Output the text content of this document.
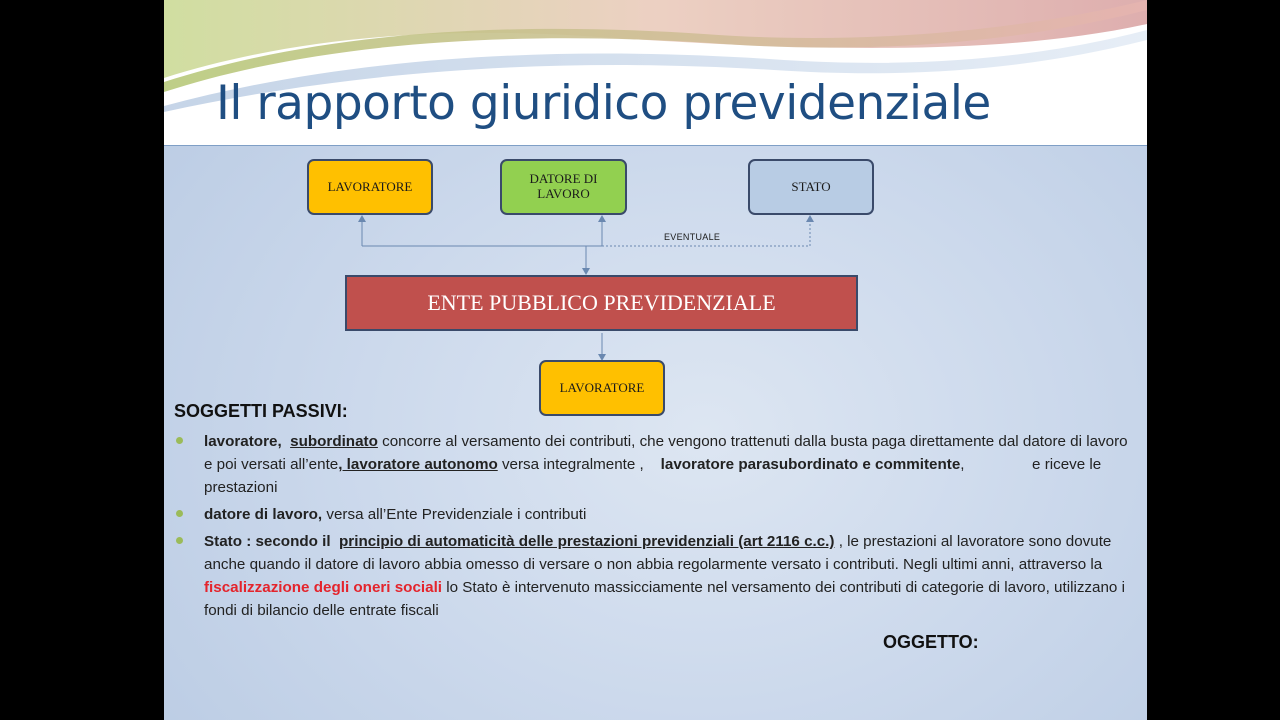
Il rapporto giuridico previdenziale
LAVORATORE	DATORE DI LAVORO	STATO
EVENTUALE
ENTE PUBBLICO PREVIDENZIALE
LAVORATORE
SOGGETTI PASSIVI:
lavoratore, subordinato concorre al versamento dei contributi, che vengono trattenuti dalla busta paga direttamente dal datore di lavoro e poi versati all’ente, lavoratore autonomo versa integralmente , lavoratore parasubordinato e commitente,	e riceve le prestazioni
datore di lavoro, versa all’Ente Previdenziale i contributi
Stato : secondo il principio di automaticità delle prestazioni previdenziali (art 2116 c.c.) , le prestazioni al lavoratore sono dovute anche quando il datore di lavoro abbia omesso di versare o non abbia regolarmente versato i contributi. Negli ultimi anni, attraverso la fiscalizzazione degli oneri sociali lo Stato è intervenuto massicciamente nel versamento dei contributi di categorie di lavoro, utilizzano i fondi di bilancio delle entrate fiscali
OGGETTO:
